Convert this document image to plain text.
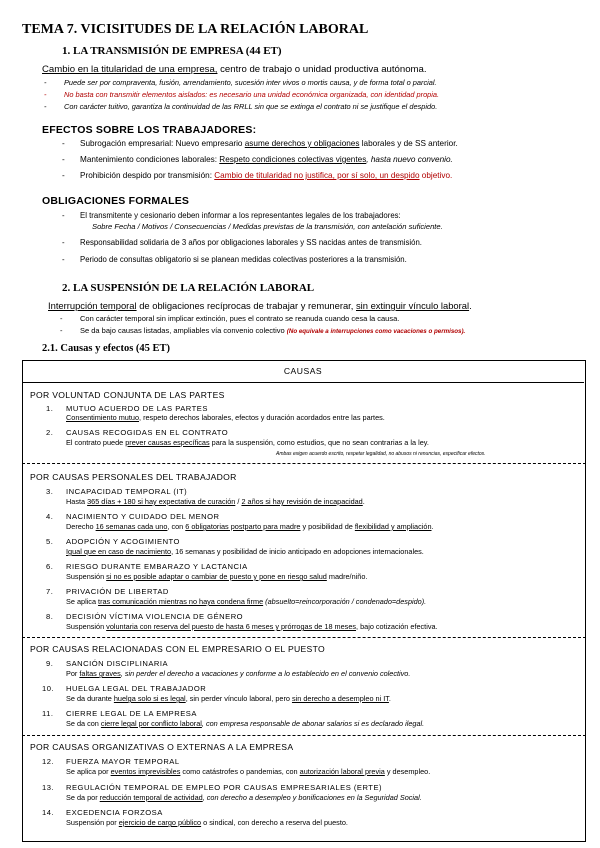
TEMA 7. VICISITUDES DE LA RELACIÓN LABORAL
1. LA TRANSMISIÓN DE EMPRESA (44 ET)
Cambio en la titularidad de una empresa, centro de trabajo o unidad productiva autónoma.
- Puede ser por compraventa, fusión, arrendamiento, sucesión inter vivos o mortis causa, y de forma total o parcial.
- No basta con transmitir elementos aislados: es necesario una unidad económica organizada, con identidad propia.
- Con carácter tuitivo, garantiza la continuidad de las RRLL sin que se extinga el contrato ni se justifique el despido.
EFECTOS SOBRE LOS TRABAJADORES:
- Subrogación empresarial: Nuevo empresario asume derechos y obligaciones laborales y de SS anterior.
- Mantenimiento condiciones laborales: Respeto condiciones colectivas vigentes, hasta nuevo convenio.
- Prohibición despido por transmisión: Cambio de titularidad no justifica, por sí solo, un despido objetivo.
OBLIGACIONES FORMALES
- El transmitente y cesionario deben informar a los representantes legales de los trabajadores:
Sobre Fecha / Motivos / Consecuencias / Medidas previstas de la transmisión, con antelación suficiente.
- Responsabilidad solidaria de 3 años por obligaciones laborales y SS nacidas antes de transmisión.
- Periodo de consultas obligatorio si se planean medidas colectivas posteriores a la transmisión.
2. LA SUSPENSIÓN DE LA RELACIÓN LABORAL
Interrupción temporal de obligaciones recíprocas de trabajar y remunerar, sin extinguir vínculo laboral.
- Con carácter temporal sin implicar extinción, pues el contrato se reanuda cuando cesa la causa.
- Se da bajo causas listadas, ampliables vía convenio colectivo (No equivale a interrupciones como vacaciones o permisos).
2.1. Causas y efectos (45 ET)
CAUSAS
POR VOLUNTAD CONJUNTA DE LAS PARTES
1. MUTUO ACUERDO DE LAS PARTES
Consentimiento mutuo, respeto derechos laborales, efectos y duración acordados entre las partes.
2. CAUSAS RECOGIDAS EN EL CONTRATO
El contrato puede prever causas específicas para la suspensión, como estudios, que no sean contrarias a la ley.
Ambas exigen acuerdo escrito, respetar legalidad, no abusos ni renuncias, especificar efectos.
POR CAUSAS PERSONALES DEL TRABAJADOR
3. INCAPACIDAD TEMPORAL (IT)
Hasta 365 días + 180 si hay expectativa de curación / 2 años si hay revisión de incapacidad.
4. NACIMIENTO Y CUIDADO DEL MENOR
Derecho 16 semanas cada uno, con 6 obligatorias postparto para madre y posibilidad de flexibilidad y ampliación.
5. ADOPCIÓN Y ACOGIMIENTO
Igual que en caso de nacimiento, 16 semanas y posibilidad de inicio anticipado en adopciones internacionales.
6. RIESGO DURANTE EMBARAZO Y LACTANCIA
Suspensión si no es posible adaptar o cambiar de puesto y pone en riesgo salud madre/niño.
7. PRIVACIÓN DE LIBERTAD
Se aplica tras comunicación mientras no haya condena firme (absuelto=reincorporación / condenado=despido).
8. DECISIÓN VÍCTIMA VIOLENCIA DE GÉNERO
Suspensión voluntaria con reserva del puesto de hasta 6 meses y prórrogas de 18 meses, bajo cotización efectiva.
POR CAUSAS RELACIONADAS CON EL EMPRESARIO O EL PUESTO
9. SANCIÓN DISCIPLINARIA
Por faltas graves, sin perder el derecho a vacaciones y conforme a lo establecido en el convenio colectivo.
10. HUELGA LEGAL DEL TRABAJADOR
Se da durante huelga solo si es legal, sin perder vínculo laboral, pero sin derecho a desempleo ni IT.
11. CIERRE LEGAL DE LA EMPRESA
Se da con cierre legal por conflicto laboral, con empresa responsable de abonar salarios si es declarado ilegal.
POR CAUSAS ORGANIZATIVAS O EXTERNAS A LA EMPRESA
12. FUERZA MAYOR TEMPORAL
Se aplica por eventos imprevisibles como catástrofes o pandemias, con autorización laboral previa y desempleo.
13. REGULACIÓN TEMPORAL DE EMPLEO POR CAUSAS EMPRESARIALES (ERTE)
Se da por reducción temporal de actividad, con derecho a desempleo y bonificaciones en la Seguridad Social.
14. EXCEDENCIA FORZOSA
Suspensión por ejercicio de cargo público o sindical, con derecho a reserva del puesto.
